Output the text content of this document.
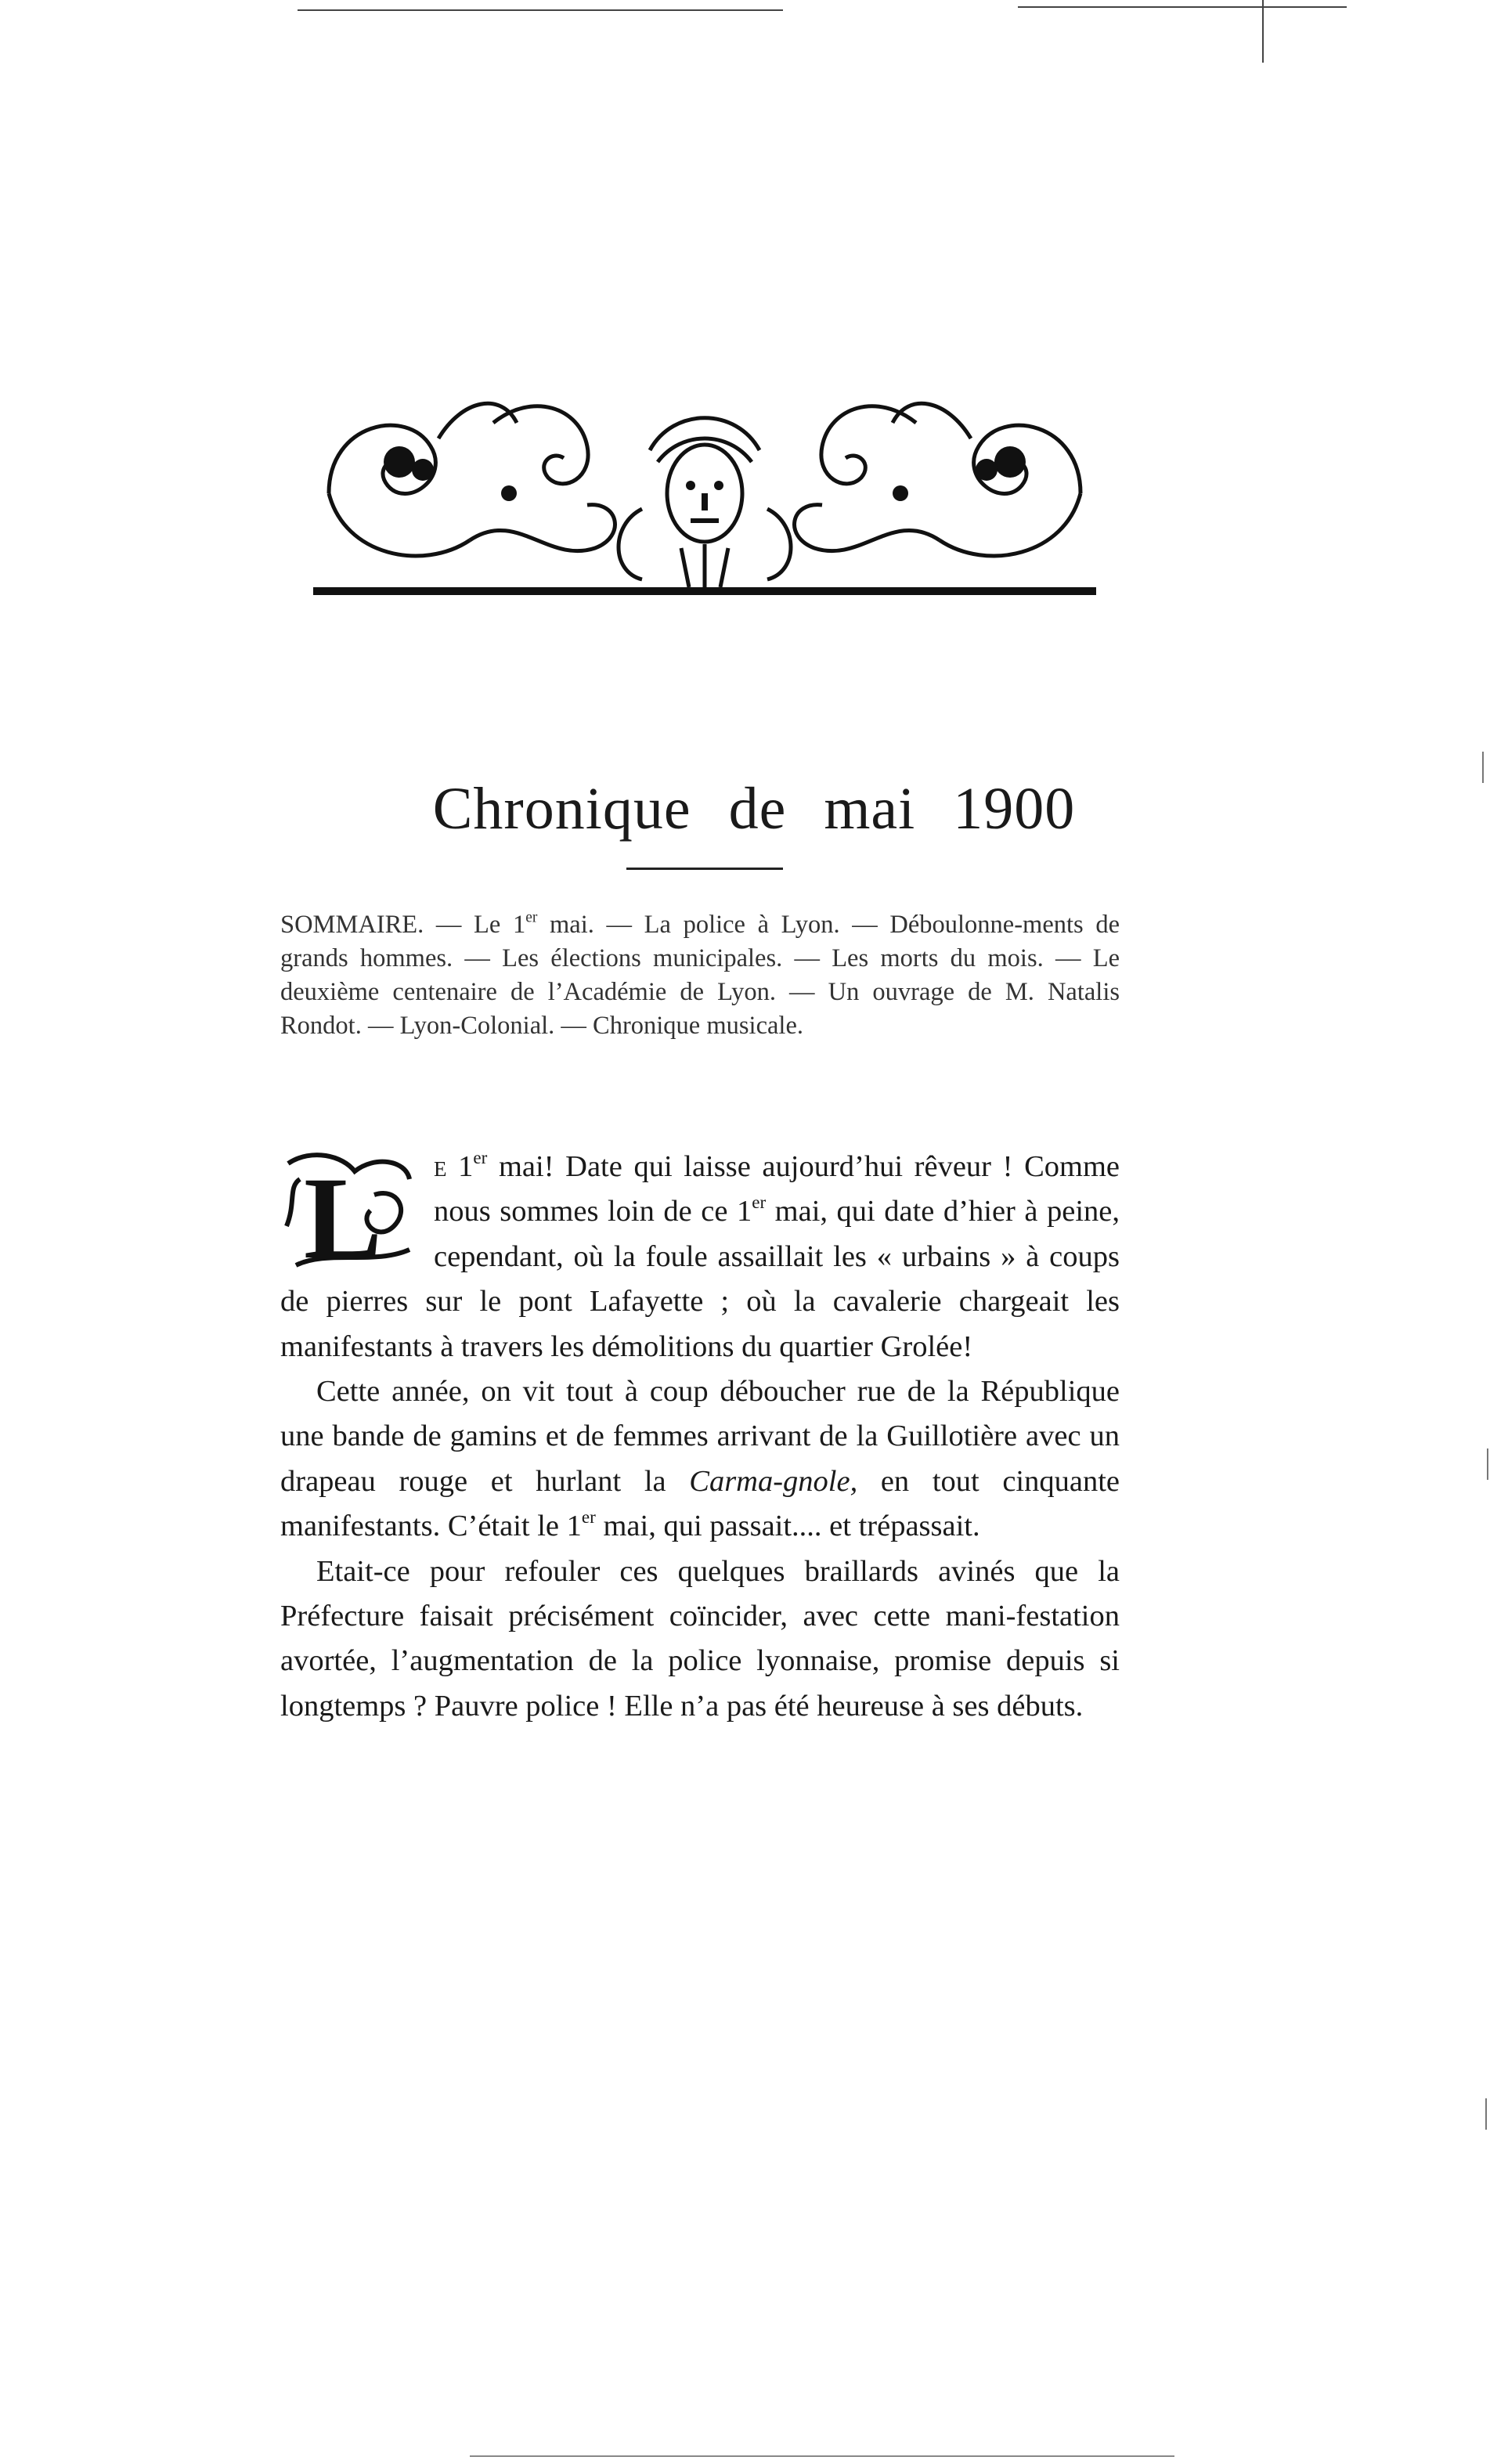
Chronique de mai 1900

SOMMAIRE. — Le 1er mai. — La police à Lyon. — Déboulonne-ments de grands hommes. — Les élections municipales. — Les morts du mois. — Le deuxième centenaire de l’Académie de Lyon. — Un ouvrage de M. Natalis Rondot. — Lyon-Colonial. — Chronique musicale.

L e 1er mai! Date qui laisse aujourd’hui rêveur ! Comme nous sommes loin de ce 1er mai, qui date d’hier à peine, cependant, où la foule assaillait les « urbains » à coups de pierres sur le pont Lafayette ; où la cavalerie chargeait les manifestants à travers les démolitions du quartier Grolée!

Cette année, on vit tout à coup déboucher rue de la République une bande de gamins et de femmes arrivant de la Guillotière avec un drapeau rouge et hurlant la Carma-gnole, en tout cinquante manifestants. C’était le 1er mai, qui passait.... et trépassait.

Etait-ce pour refouler ces quelques braillards avinés que la Préfecture faisait précisément coïncider, avec cette mani-festation avortée, l’augmentation de la police lyonnaise, promise depuis si longtemps ? Pauvre police ! Elle n’a pas été heureuse à ses débuts.
